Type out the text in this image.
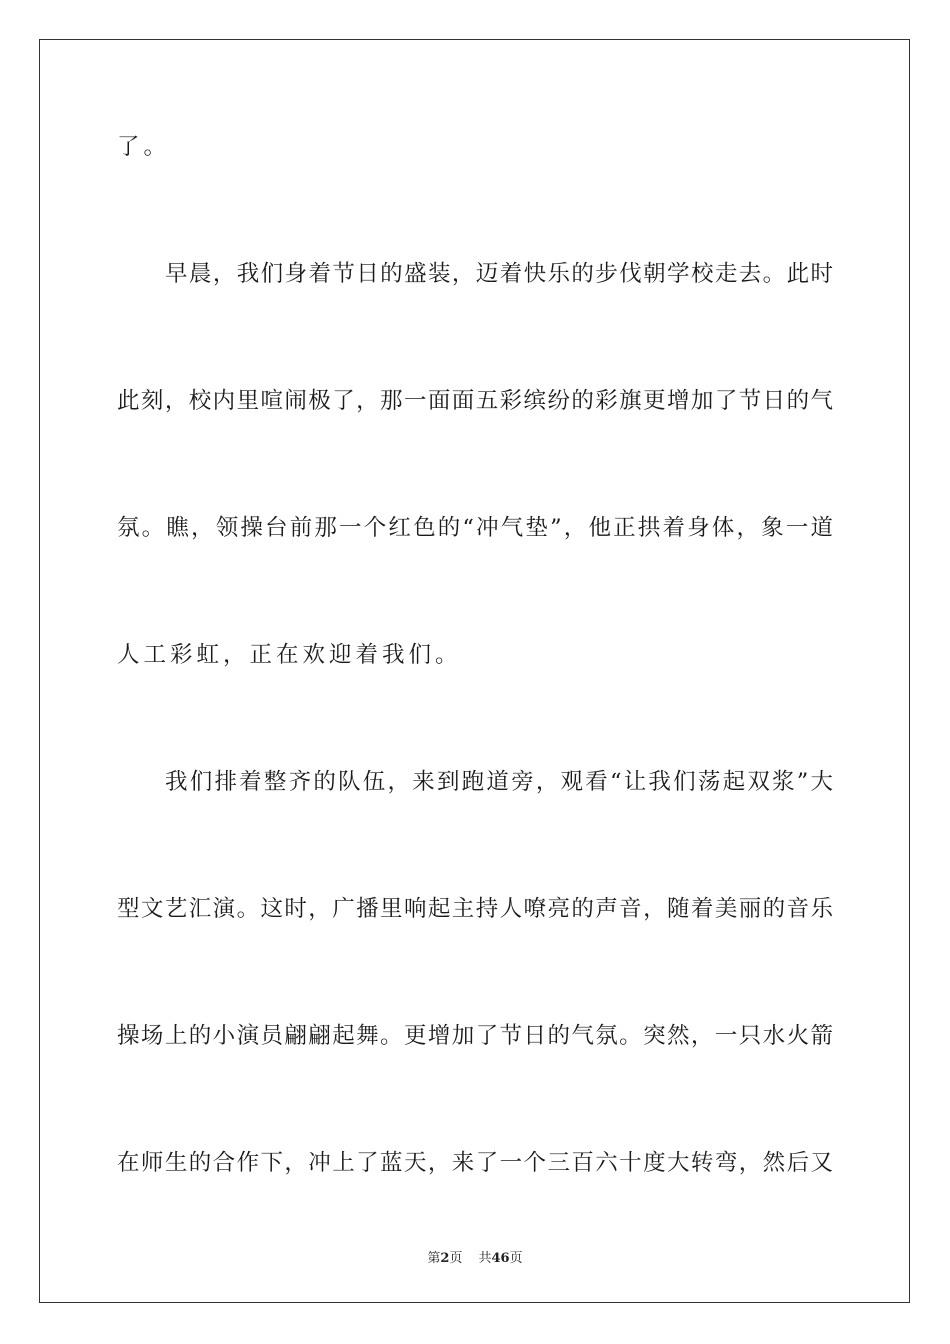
了。
早晨，我们身着节日的盛装，迈着快乐的步伐朝学校走去。此时
此刻，校内里喧闹极了，那一面面五彩缤纷的彩旗更增加了节日的气
氛。瞧，领操台前那一个红色的“冲气垫”，他正拱着身体，象一道
人工彩虹，正在欢迎着我们。
我们排着整齐的队伍，来到跑道旁，观看“让我们荡起双浆”大
型文艺汇演。这时，广播里响起主持人嘹亮的声音，随着美丽的音乐
操场上的小演员翩翩起舞。更增加了节日的气氛。突然，一只水火箭
在师生的合作下，冲上了蓝天，来了一个三百六十度大转弯，然后又
第2页 共46页
